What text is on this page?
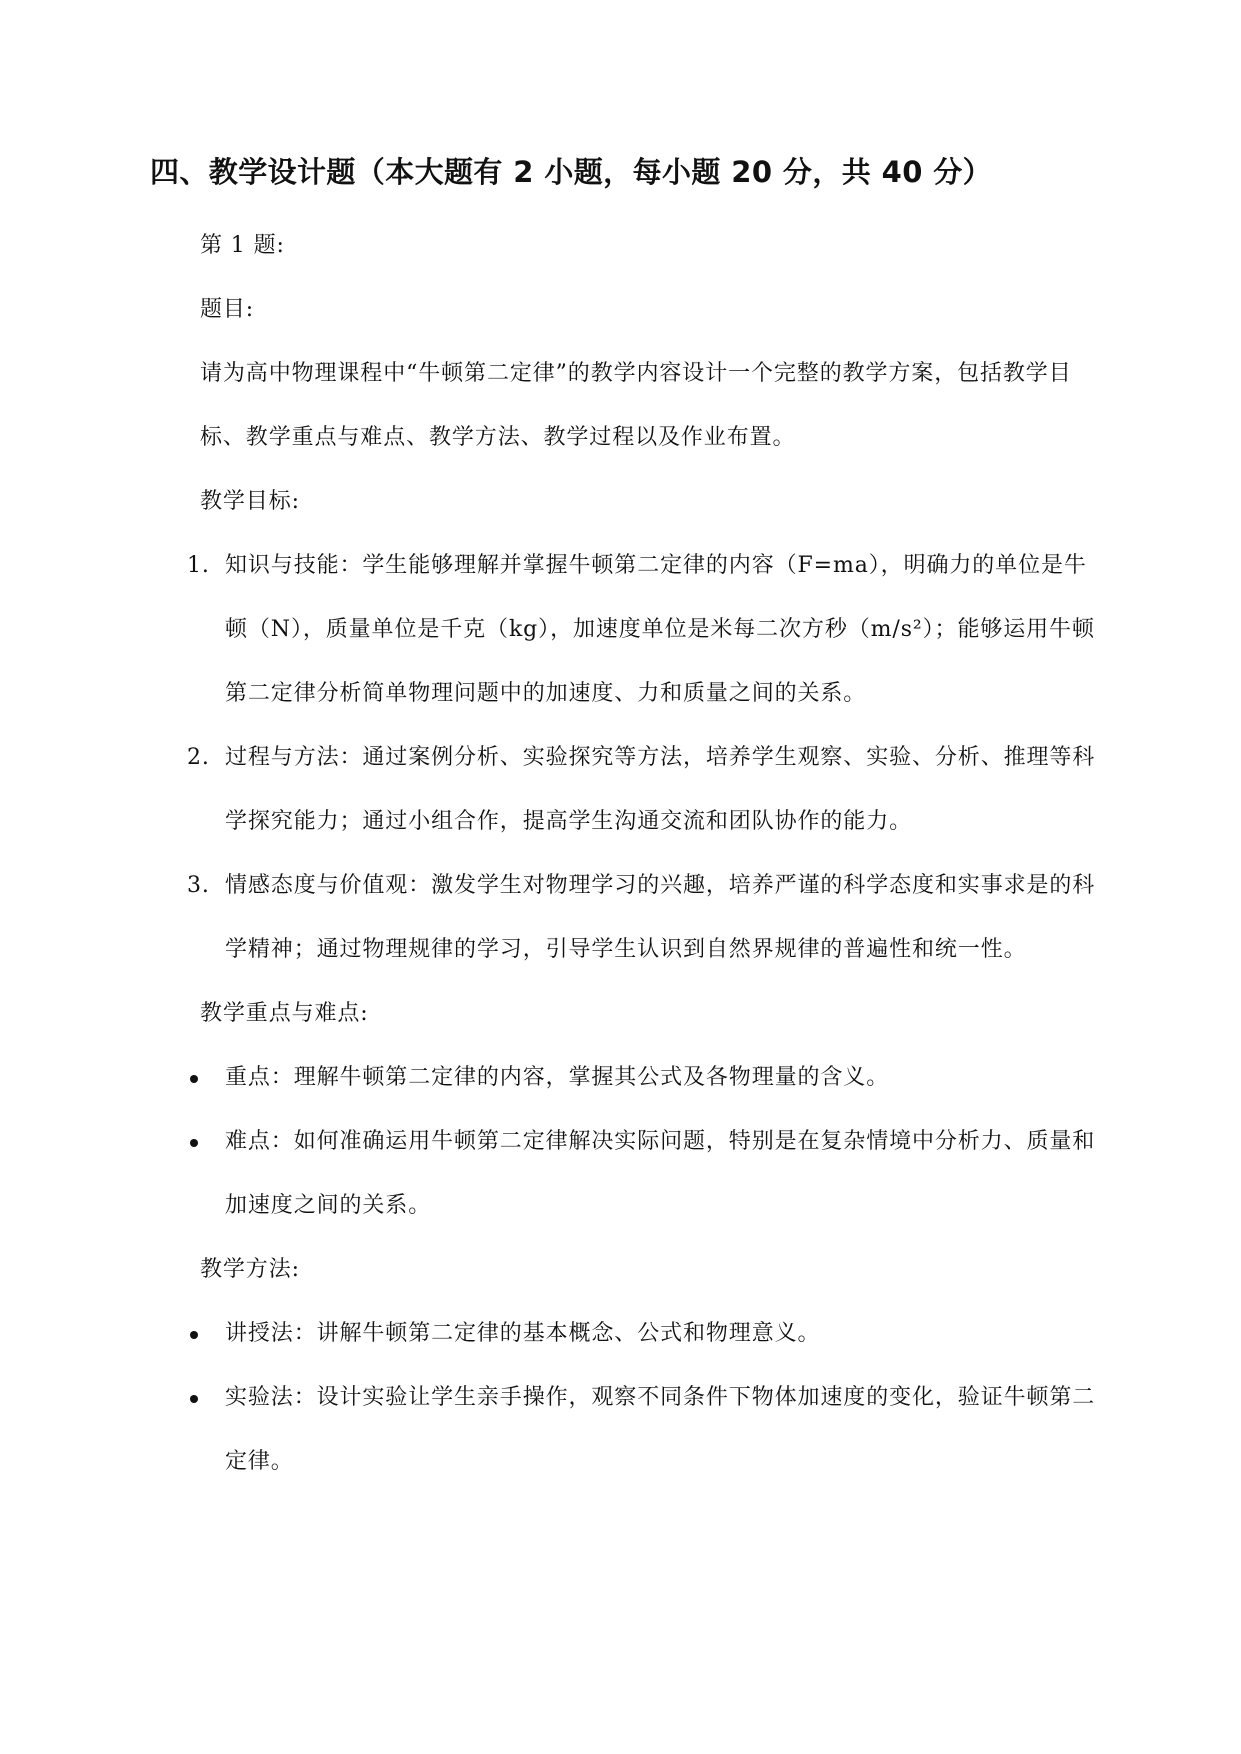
四、教学设计题（本大题有 2 小题，每小题 20 分，共 40 分）

第 1 题:

题目:

请为高中物理课程中“牛顿第二定律”的教学内容设计一个完整的教学方案，包括教学目标、教学重点与难点、教学方法、教学过程以及作业布置。

教学目标:

1. 知识与技能：学生能够理解并掌握牛顿第二定律的内容（F=ma），明确力的单位是牛顿（N），质量单位是千克（kg），加速度单位是米每二次方秒（m/s²）；能够运用牛顿第二定律分析简单物理问题中的加速度、力和质量之间的关系。
2. 过程与方法：通过案例分析、实验探究等方法，培养学生观察、实验、分析、推理等科学探究能力；通过小组合作，提高学生沟通交流和团队协作的能力。
3. 情感态度与价值观：激发学生对物理学习的兴趣，培养严谨的科学态度和实事求是的科学精神；通过物理规律的学习，引导学生认识到自然界规律的普遍性和统一性。

教学重点与难点:

重点：理解牛顿第二定律的内容，掌握其公式及各物理量的含义。
难点：如何准确运用牛顿第二定律解决实际问题，特别是在复杂情境中分析力、质量和加速度之间的关系。

教学方法:

讲授法：讲解牛顿第二定律的基本概念、公式和物理意义。
实验法：设计实验让学生亲手操作，观察不同条件下物体加速度的变化，验证牛顿第二定律。
